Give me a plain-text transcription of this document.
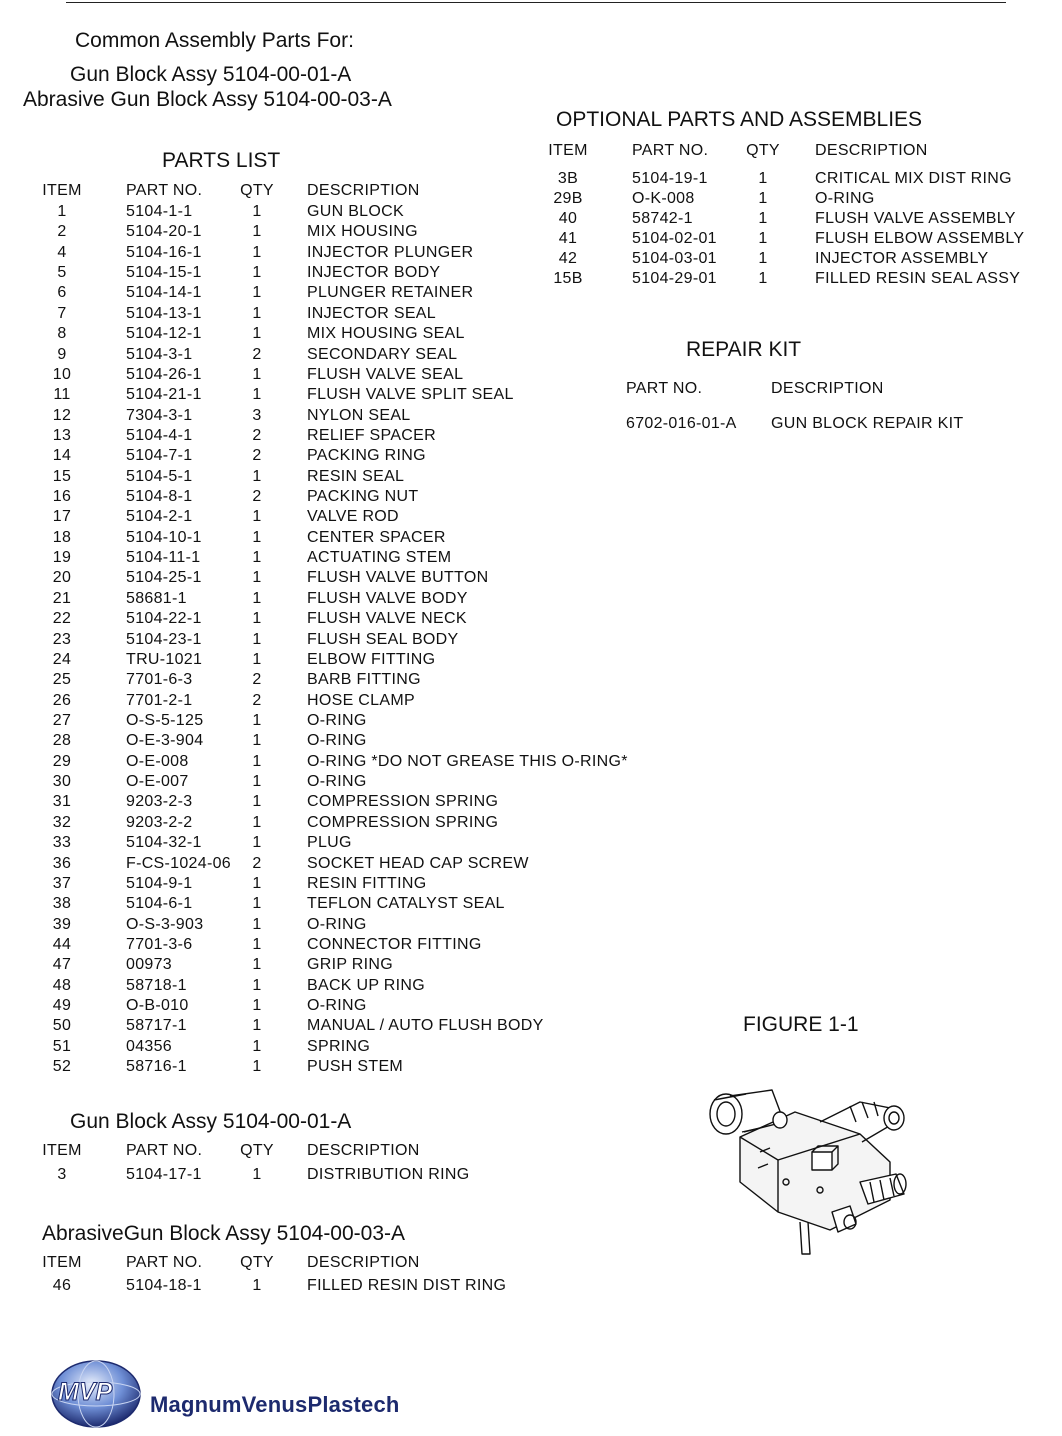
Common Assembly Parts For:
Gun Block Assy 5104-00-01-A
Abrasive Gun Block Assy 5104-00-03-A
PARTS LIST
ITEM	PART NO. QTY DESCRIPTION
1	5104-1-1	1	GUN BLOCK
2	5104-20-1	1	MIX HOUSING
4	5104-16-1	1	INJECTOR PLUNGER
5	5104-15-1	1	INJECTOR BODY
6	5104-14-1	1	PLUNGER RETAINER
7	5104-13-1	1	INJECTOR SEAL
8	5104-12-1	1	MIX HOUSING SEAL
9	5104-3-1	2	SECONDARY SEAL
10	5104-26-1	1	FLUSH VALVE SEAL
11	5104-21-1	1	FLUSH VALVE SPLIT SEAL
12	7304-3-1	3	NYLON SEAL
13	5104-4-1	2	RELIEF SPACER
14	5104-7-1	2	PACKING RING
15	5104-5-1	1	RESIN SEAL
16	5104-8-1	2	PACKING NUT
17	5104-2-1	1	VALVE ROD
18	5104-10-1	1	CENTER SPACER
19	5104-11-1	1	ACTUATING STEM
20	5104-25-1	1	FLUSH VALVE BUTTON
21	58681-1	1	FLUSH VALVE BODY
22	5104-22-1	1	FLUSH VALVE NECK
23	5104-23-1	1	FLUSH SEAL BODY
24	TRU-1021	1	ELBOW FITTING
25	7701-6-3	2	BARB FITTING
26	7701-2-1	2	HOSE CLAMP
27	O-S-5-125	1	O-RING
28	O-E-3-904	1	O-RING
29	O-E-008	1	O-RING *DO NOT GREASE THIS O-RING*
30	O-E-007	1	O-RING
31	9203-2-3	1	COMPRESSION SPRING
32	9203-2-2	1	COMPRESSION SPRING
33	5104-32-1	1	PLUG
36	F-CS-1024-06	2	SOCKET HEAD CAP SCREW
37	5104-9-1	1	RESIN FITTING
38	5104-6-1	1	TEFLON CATALYST SEAL
39	O-S-3-903	1	O-RING
44	7701-3-6	1	CONNECTOR FITTING
47	00973	1	GRIP RING
48	58718-1	1	BACK UP RING
49	O-B-010	1	O-RING
50	58717-1	1	MANUAL / AUTO FLUSH BODY
51	04356	1	SPRING
52	58716-1	1	PUSH STEM
Gun Block Assy 5104-00-01-A
ITEM	PART NO. QTY DESCRIPTION
3	5104-17-1	1	DISTRIBUTION RING
AbrasiveGun Block Assy 5104-00-03-A
ITEM	PART NO. QTY DESCRIPTION
46	5104-18-1	1	FILLED RESIN DIST RING
OPTIONAL PARTS AND ASSEMBLIES
ITEM	PART NO. QTY DESCRIPTION
3B	5104-19-1	1	CRITICAL MIX DIST RING
29B	O-K-008	1	O-RING
40	58742-1	1	FLUSH VALVE ASSEMBLY
41	5104-02-01	1	FLUSH ELBOW ASSEMBLY
42	5104-03-01	1	INJECTOR ASSEMBLY
15B	5104-29-01	1	FILLED RESIN SEAL ASSY
REPAIR KIT
PART NO.	DESCRIPTION
6702-016-01-A GUN BLOCK REPAIR KIT
FIGURE 1-1
MVP MagnumVenusPlastech
